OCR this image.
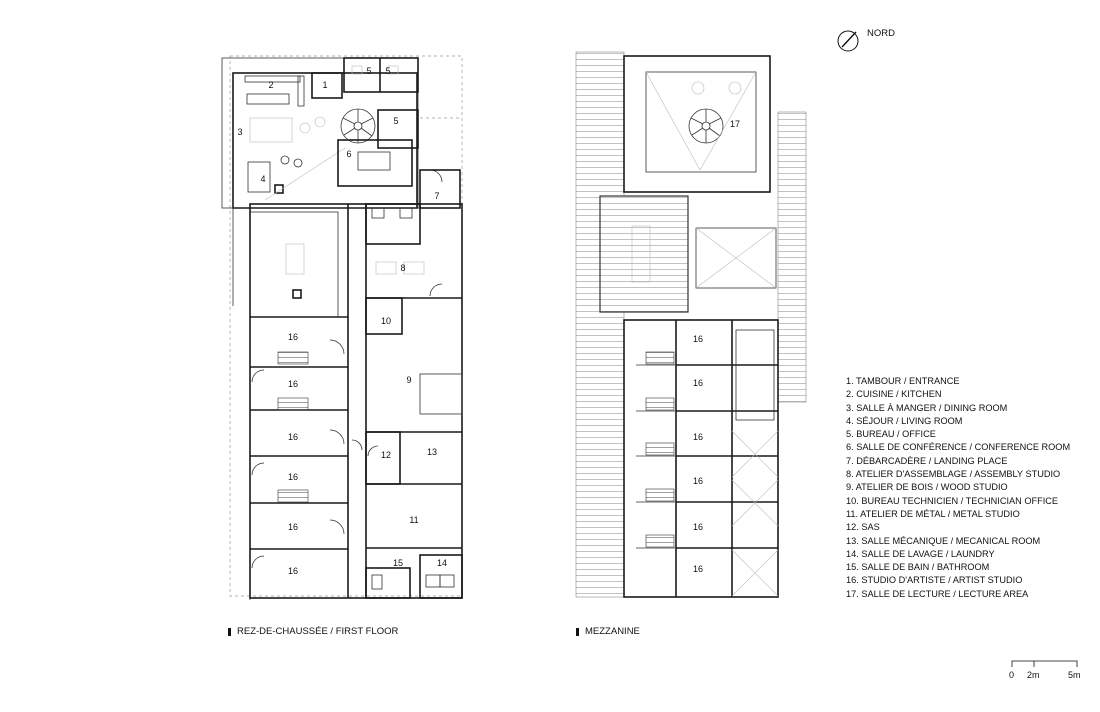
1
2
3
4
5 5
5
6
7
8
9
10
11
12	13
14
15
16
16
16
16
16
16
17
16
16
16
16
16
16
NORD
REZ-DE-CHAUSSÉE / FIRST FLOOR	MEZZANINE
1. TAMBOUR / ENTRANCE
2. CUISINE / KITCHEN
3. SALLE À MANGER / DINING ROOM
4. SÉJOUR / LIVING ROOM
5. BUREAU / OFFICE
6. SALLE DE CONFÉRENCE / CONFERENCE ROOM
7. DÉBARCADÈRE / LANDING PLACE
8. ATELIER D'ASSEMBLAGE / ASSEMBLY STUDIO
9. ATELIER DE BOIS / WOOD STUDIO
10. BUREAU TECHNICIEN / TECHNICIAN OFFICE
11. ATELIER DE MÉTAL / METAL STUDIO
12. SAS
13. SALLE MÉCANIQUE / MECANICAL ROOM
14. SALLE DE LAVAGE / LAUNDRY
15. SALLE DE BAIN / BATHROOM
16. STUDIO D'ARTISTE / ARTIST STUDIO
17. SALLE DE LECTURE / LECTURE AREA
0 2m	5m
